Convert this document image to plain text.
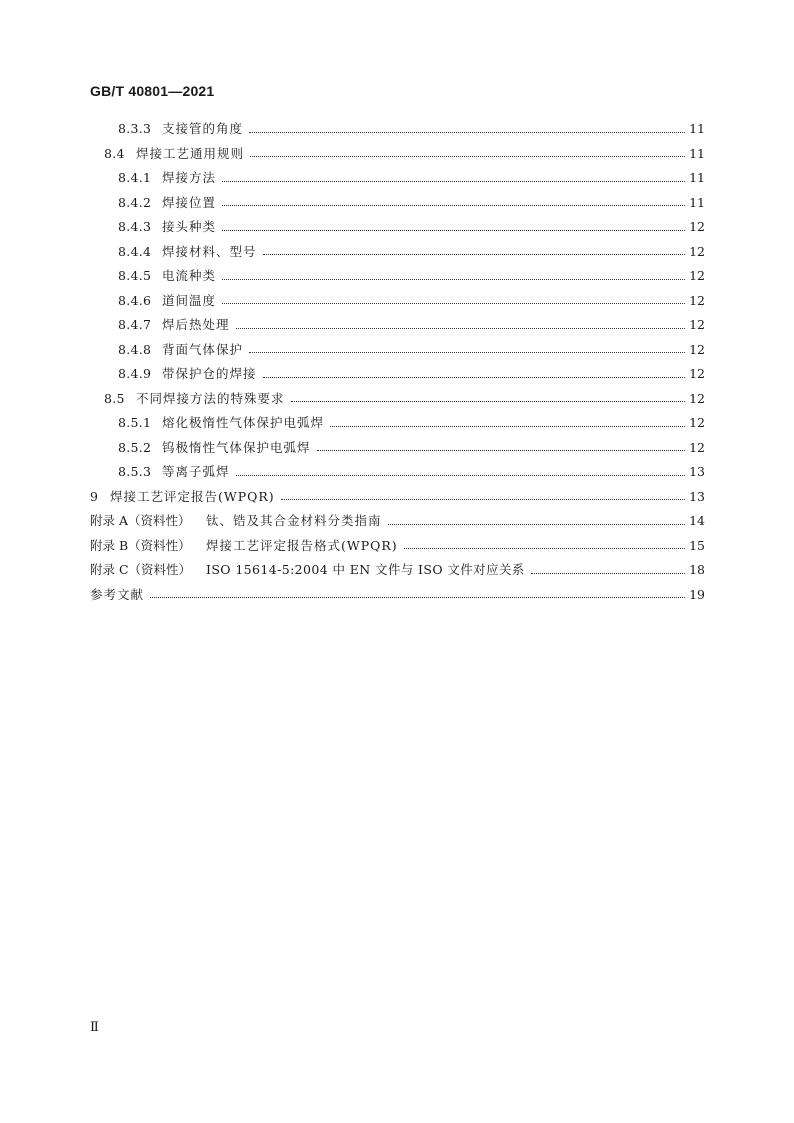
GB/T 40801—2021
8.3.3 支接管的角度	11
8.4 焊接工艺通用规则	11
8.4.1 焊接方法	11
8.4.2 焊接位置	11
8.4.3 接头种类	12
8.4.4 焊接材料、型号	12
8.4.5 电流种类	12
8.4.6 道间温度	12
8.4.7 焊后热处理	12
8.4.8 背面气体保护	12
8.4.9 带保护仓的焊接	12
8.5 不同焊接方法的特殊要求	12
8.5.1 熔化极惰性气体保护电弧焊	12
8.5.2 钨极惰性气体保护电弧焊	12
8.5.3 等离子弧焊	13
9 焊接工艺评定报告(WPQR)	13
附录 A（资料性）	钛、锆及其合金材料分类指南	14
附录 B（资料性）	焊接工艺评定报告格式(WPQR)	15
附录 C（资料性）	ISO 15614-5:2004 中 EN 文件与 ISO 文件对应关系	18
参考文献	19
Ⅱ
